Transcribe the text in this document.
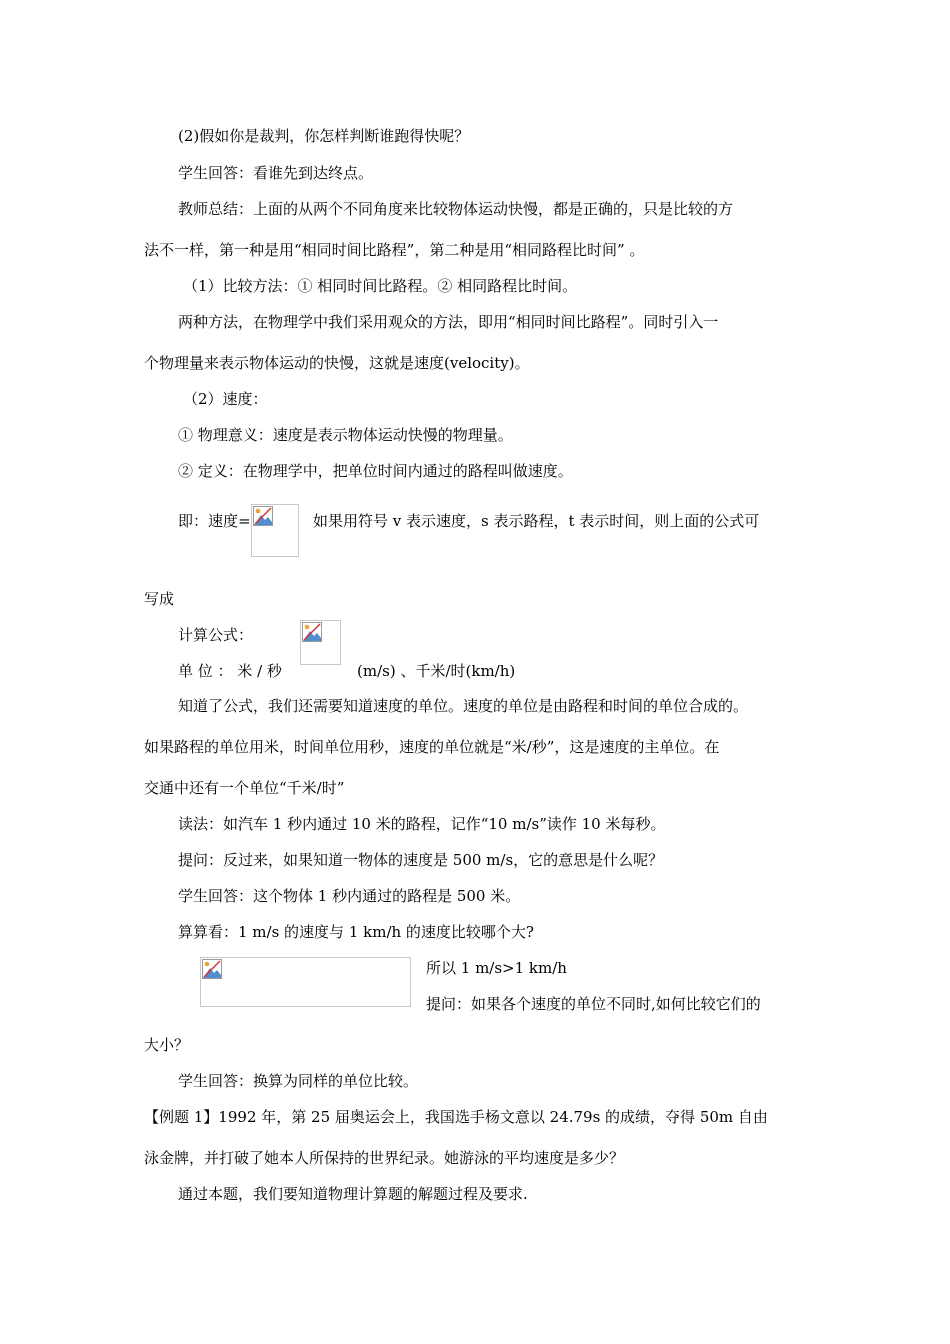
(2)假如你是裁判，你怎样判断谁跑得快呢？
学生回答：看谁先到达终点。
教师总结：上面的从两个不同角度来比较物体运动快慢，都是正确的，只是比较的方
法不一样，第一种是用“相同时间比路程”，第二种是用“相同路程比时间” 。
（1）比较方法：① 相同时间比路程。② 相同路程比时间。
两种方法，在物理学中我们采用观众的方法，即用“相同时间比路程”。同时引入一
个物理量来表示物体运动的快慢，这就是速度(velocity)。
（2）速度：
① 物理意义：速度是表示物体运动快慢的物理量。
② 定义：在物理学中，把单位时间内通过的路程叫做速度。
即：速度=	如果用符号 v 表示速度，s 表示路程，t 表示时间，则上面的公式可
写成
计算公式：
单 位 ： 米 / 秒	(m/s) 、千米/时(km/h)
知道了公式，我们还需要知道速度的单位。速度的单位是由路程和时间的单位合成的。
如果路程的单位用米，时间单位用秒，速度的单位就是“米/秒”，这是速度的主单位。在
交通中还有一个单位“千米/时”
读法：如汽车 1 秒内通过 10 米的路程，记作“10 m/s”读作 10 米每秒。
提问：反过来，如果知道一物体的速度是 500 m/s，它的意思是什么呢？
学生回答：这个物体 1 秒内通过的路程是 500 米。
算算看：1 m/s 的速度与 1 km/h 的速度比较哪个大?
所以 1 m/s>1 km/h
提问：如果各个速度的单位不同时,如何比较它们的
大小？
学生回答：换算为同样的单位比较。
【例题 1】1992 年，第 25 届奥运会上，我国选手杨文意以 24.79s 的成绩，夺得 50m 自由
泳金牌，并打破了她本人所保持的世界纪录。她游泳的平均速度是多少？
通过本题，我们要知道物理计算题的解题过程及要求.
